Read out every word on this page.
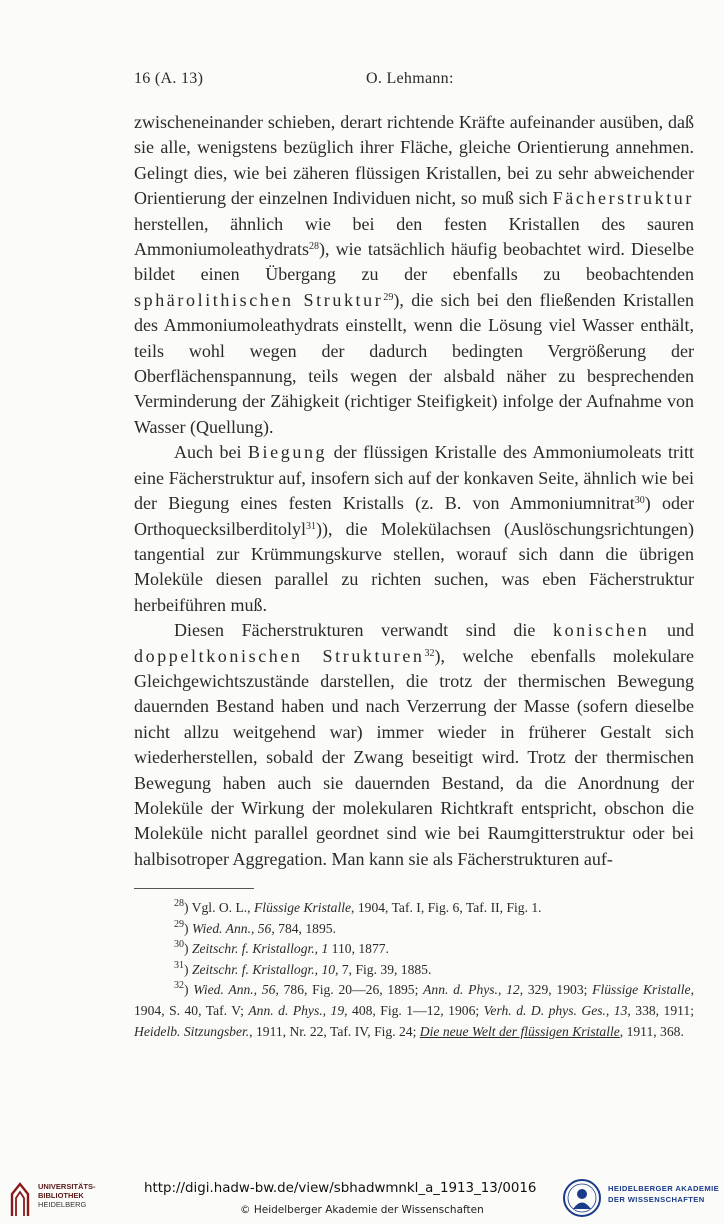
16 (A. 13)	O. Lehmann:

zwischeneinander schieben, derart richtende Kräfte aufeinander ausüben, daß sie alle, wenigstens bezüglich ihrer Fläche, gleiche Orientierung annehmen. Gelingt dies, wie bei zäheren flüssigen Kristallen, bei zu sehr abweichender Orientierung der einzelnen Individuen nicht, so muß sich Fächerstruktur herstellen, ähnlich wie bei den festen Kristallen des sauren Ammoniumoleathydrats$^{28}$), wie tatsächlich häufig beobachtet wird. Dieselbe bildet einen Übergang zu der ebenfalls zu beobachtenden sphärolithischen Struktur$^{29}$), die sich bei den fließenden Kristallen des Ammoniumoleathydrats einstellt, wenn die Lösung viel Wasser enthält, teils wohl wegen der dadurch bedingten Vergrößerung der Oberflächenspannung, teils wegen der alsbald näher zu besprechenden Verminderung der Zähigkeit (richtiger Steifigkeit) infolge der Aufnahme von Wasser (Quellung).

Auch bei Biegung der flüssigen Kristalle des Ammoniumoleats tritt eine Fächerstruktur auf, insofern sich auf der konkaven Seite, ähnlich wie bei der Biegung eines festen Kristalls (z. B. von Ammoniumnitrat$^{30}$) oder Orthoquecksilberditolyl$^{31}$)), die Molekülachsen (Auslöschungsrichtungen) tangential zur Krümmungskurve stellen, worauf sich dann die übrigen Moleküle diesen parallel zu richten suchen, was eben Fächerstruktur herbeiführen muß.

Diesen Fächerstrukturen verwandt sind die konischen und doppeltkonischen Strukturen$^{32}$), welche ebenfalls molekulare Gleichgewichtszustände darstellen, die trotz der thermischen Bewegung dauernden Bestand haben und nach Verzerrung der Masse (sofern dieselbe nicht allzu weitgehend war) immer wieder in früherer Gestalt sich wiederherstellen, sobald der Zwang beseitigt wird. Trotz der thermischen Bewegung haben auch sie dauernden Bestand, da die Anordnung der Moleküle der Wirkung der molekularen Richtkraft entspricht, obschon die Moleküle nicht parallel geordnet sind wie bei Raumgitterstruktur oder bei halbisotroper Aggregation. Man kann sie als Fächerstrukturen auf-

$^{28}$) Vgl. O. L., Flüssige Kristalle, 1904, Taf. I, Fig. 6, Taf. II, Fig. 1.
$^{29}$) Wied. Ann., 56, 784, 1895.
$^{30}$) Zeitschr. f. Kristallogr., 1 110, 1877.
$^{31}$) Zeitschr. f. Kristallogr., 10, 7, Fig. 39, 1885.
$^{32}$) Wied. Ann., 56, 786, Fig. 20—26, 1895; Ann. d. Phys., 12, 329, 1903; Flüssige Kristalle, 1904, S. 40, Taf. V; Ann. d. Phys., 19, 408, Fig. 1—12, 1906; Verh. d. D. phys. Ges., 13, 338, 1911; Heidelb. Sitzungsber., 1911, Nr. 22, Taf. IV, Fig. 24; Die neue Welt der flüssigen Kristalle, 1911, 368.
UNIVERSITÄTS-
BIBLIOTHEK
HEIDELBERG
http://digi.hadw-bw.de/view/sbhadwmnkl_a_1913_13/0016
© Heidelberger Akademie der Wissenschaften
HEIDELBERGER AKADEMIE
DER WISSENSCHAFTEN
